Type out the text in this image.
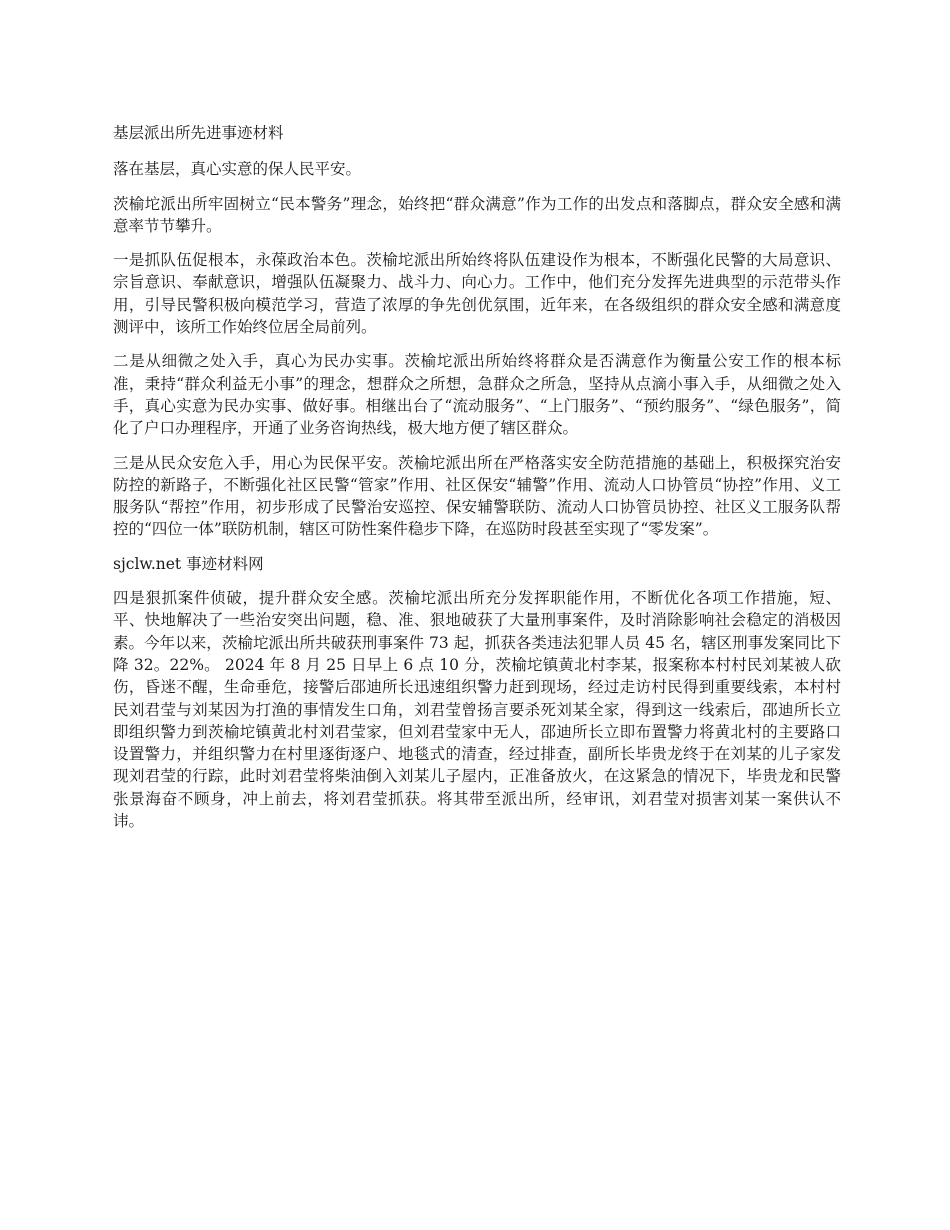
基层派出所先进事迹材料

落在基层，真心实意的保人民平安。

茨榆坨派出所牢固树立“民本警务”理念，始终把“群众满意”作为工作的出发点和落脚点，群众安全感和满意率节节攀升。

一是抓队伍促根本，永葆政治本色。茨榆坨派出所始终将队伍建设作为根本，不断强化民警的大局意识、宗旨意识、奉献意识，增强队伍凝聚力、战斗力、向心力。工作中，他们充分发挥先进典型的示范带头作用，引导民警积极向模范学习，营造了浓厚的争先创优氛围，近年来，在各级组织的群众安全感和满意度测评中，该所工作始终位居全局前列。

二是从细微之处入手，真心为民办实事。茨榆坨派出所始终将群众是否满意作为衡量公安工作的根本标准，秉持“群众利益无小事”的理念，想群众之所想，急群众之所急，坚持从点滴小事入手，从细微之处入手，真心实意为民办实事、做好事。相继出台了“流动服务”、“上门服务”、“预约服务”、“绿色服务”，简化了户口办理程序，开通了业务咨询热线，极大地方便了辖区群众。

三是从民众安危入手，用心为民保平安。茨榆坨派出所在严格落实安全防范措施的基础上，积极探究治安防控的新路子，不断强化社区民警“管家”作用、社区保安“辅警”作用、流动人口协管员“协控”作用、义工服务队“帮控”作用，初步形成了民警治安巡控、保安辅警联防、流动人口协管员协控、社区义工服务队帮控的“四位一体”联防机制，辖区可防性案件稳步下降，在巡防时段甚至实现了“零发案”。

sjclw.net 事迹材料网

四是狠抓案件侦破，提升群众安全感。茨榆坨派出所充分发挥职能作用，不断优化各项工作措施，短、平、快地解决了一些治安突出问题，稳、准、狠地破获了大量刑事案件，及时消除影响社会稳定的消极因素。今年以来，茨榆坨派出所共破获刑事案件 73 起，抓获各类违法犯罪人员 45 名，辖区刑事发案同比下降 32。22%。 2024 年 8 月 25 日早上 6 点 10 分，茨榆坨镇黄北村李某，报案称本村村民刘某被人砍伤，昏迷不醒，生命垂危，接警后邵迪所长迅速组织警力赶到现场，经过走访村民得到重要线索，本村村民刘君莹与刘某因为打渔的事情发生口角，刘君莹曾扬言要杀死刘某全家，得到这一线索后，邵迪所长立即组织警力到茨榆坨镇黄北村刘君莹家，但刘君莹家中无人，邵迪所长立即布置警力将黄北村的主要路口设置警力，并组织警力在村里逐街逐户、地毯式的清查，经过排查，副所长毕贵龙终于在刘某的儿子家发现刘君莹的行踪，此时刘君莹将柴油倒入刘某儿子屋内，正准备放火，在这紧急的情况下，毕贵龙和民警张景海奋不顾身，冲上前去，将刘君莹抓获。将其带至派出所，经审讯，刘君莹对损害刘某一案供认不讳。
